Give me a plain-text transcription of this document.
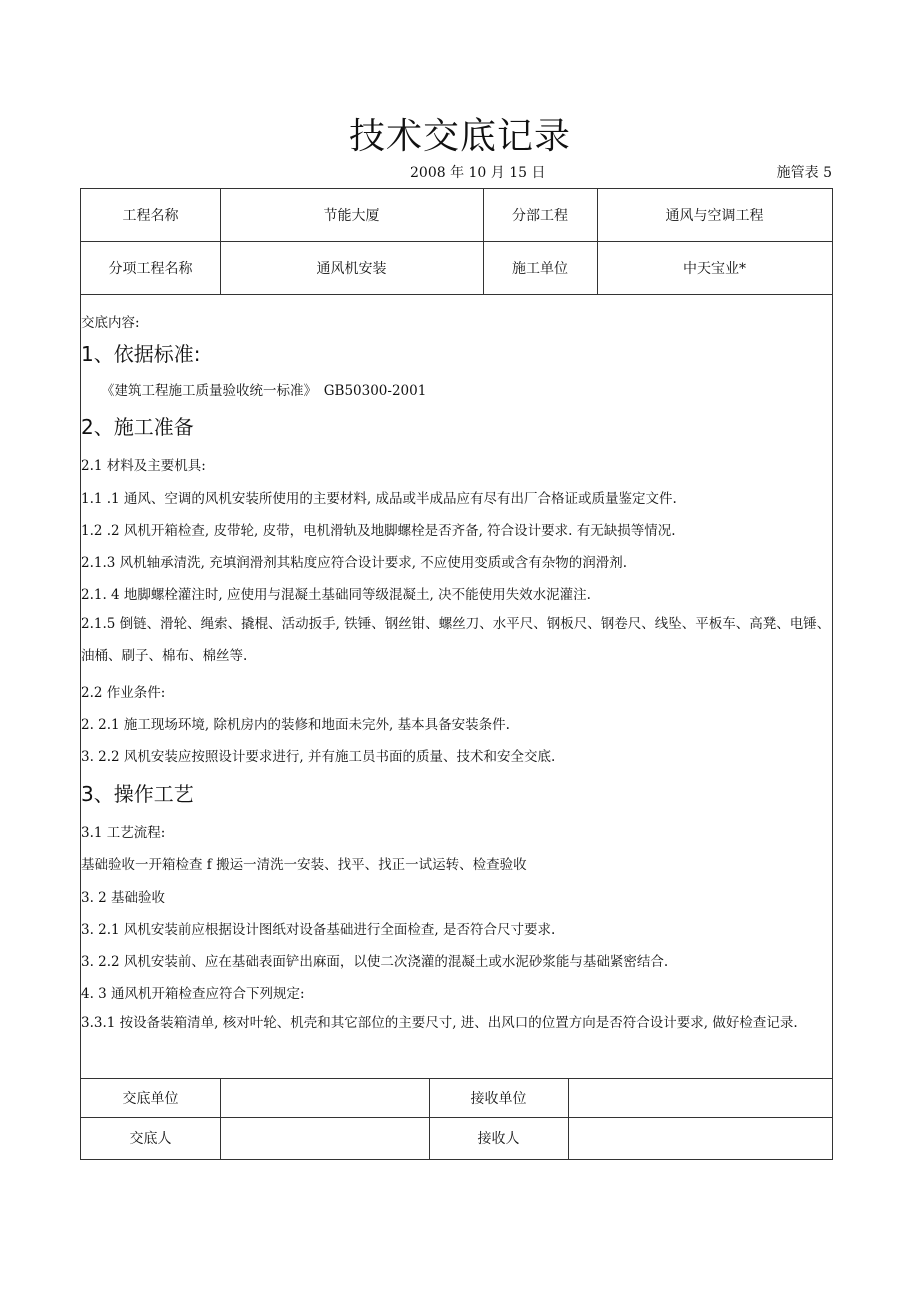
技术交底记录
2008 年 10 月 15 日	施管表 5
工程名称	节能大厦	分部工程	通风与空调工程
分项工程名称	通风机安装	施工单位	中天宝业*
交底内容:
1、依据标准:
《建筑工程施工质量验收统一标准》　GB50300-2001
2、施工准备
2.1 材料及主要机具:
1.1 .1 通风、空调的风机安装所使用的主要材料, 成品或半成品应有尽有出厂合格证或质量鉴定文件.
1.2 .2 风机开箱检查, 皮带轮, 皮带，电机滑轨及地脚螺栓是否齐备, 符合设计要求. 有无缺损等情况.
2.1.3 风机轴承清洗, 充填润滑剂其粘度应符合设计要求, 不应使用变质或含有杂物的润滑剂.
2.1. 4 地脚螺栓灌注时, 应使用与混凝土基础同等级混凝土, 决不能使用失效水泥灌注.
2.1.5 倒链、滑轮、绳索、撬棍、活动扳手, 铁锤、钢丝钳、螺丝刀、水平尺、钢板尺、钢卷尺、线坠、平板车、高凳、电锤、油桶、刷子、棉布、棉丝等.
2.2 作业条件:
2. 2.1 施工现场环境, 除机房内的装修和地面未完外, 基本具备安装条件.
3. 2.2 风机安装应按照设计要求进行, 并有施工员书面的质量、技术和安全交底.
3、操作工艺
3.1 工艺流程:
基础验收一开箱检查 f 搬运一清洗一安装、找平、找正一试运转、检查验收
3. 2 基础验收
3. 2.1 风机安装前应根据设计图纸对设备基础进行全面检查, 是否符合尺寸要求.
3. 2.2 风机安装前、应在基础表面铲出麻面，以使二次浇灌的混凝土或水泥砂浆能与基础紧密结合.
4. 3 通风机开箱检查应符合下列规定:
3.3.1 按设备装箱清单, 核对叶轮、机壳和其它部位的主要尺寸, 进、出风口的位置方向是否符合设计要求, 做好检查记录.
交底单位	接收单位
交底人	接收人
